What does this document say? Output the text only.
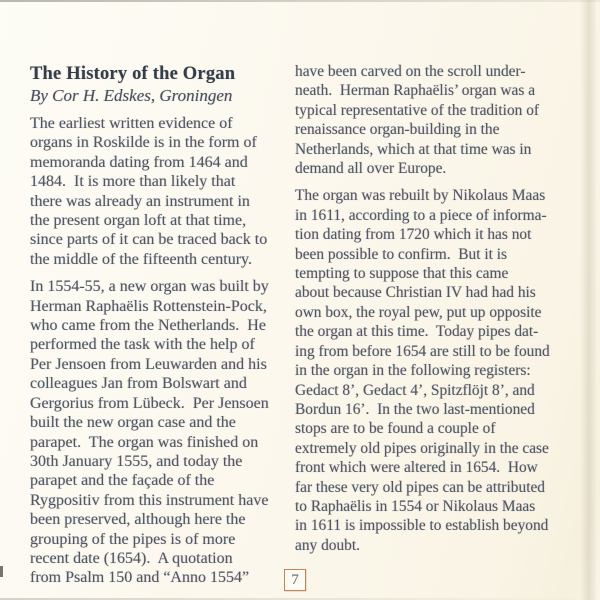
The History of the Organ
By Cor H. Edskes, Groningen
The earliest written evidence of
organs in Roskilde is in the form of
memoranda dating from 1464 and
1484.  It is more than likely that
there was already an instrument in
the present organ loft at that time,
since parts of it can be traced back to
the middle of the fifteenth century.
In 1554-55, a new organ was built by
Herman Raphaëlis Rottenstein-Pock,
who came from the Netherlands.  He
performed the task with the help of
Per Jensoen from Leuwarden and his
colleagues Jan from Bolswart and
Gergorius from Lübeck.  Per Jensoen
built the new organ case and the
parapet.  The organ was finished on
30th January 1555, and today the
parapet and the façade of the
Rygpositiv from this instrument have
been preserved, although here the
grouping of the pipes is of more
recent date (1654).  A quotation
from Psalm 150 and “Anno 1554”
have been carved on the scroll under-
neath.  Herman Raphaëlis’ organ was a
typical representative of the tradition of
renaissance organ-building in the
Netherlands, which at that time was in
demand all over Europe.
The organ was rebuilt by Nikolaus Maas
in 1611, according to a piece of informa-
tion dating from 1720 which it has not
been possible to confirm.  But it is
tempting to suppose that this came
about because Christian IV had had his
own box, the royal pew, put up opposite
the organ at this time.  Today pipes dat-
ing from before 1654 are still to be found
in the organ in the following registers:
Gedact 8’, Gedact 4’, Spitzflöjt 8’, and
Bordun 16’.  In the two last-mentioned
stops are to be found a couple of
extremely old pipes originally in the case
front which were altered in 1654.  How
far these very old pipes can be attributed
to Raphaëlis in 1554 or Nikolaus Maas
in 1611 is impossible to establish beyond
any doubt.
7
